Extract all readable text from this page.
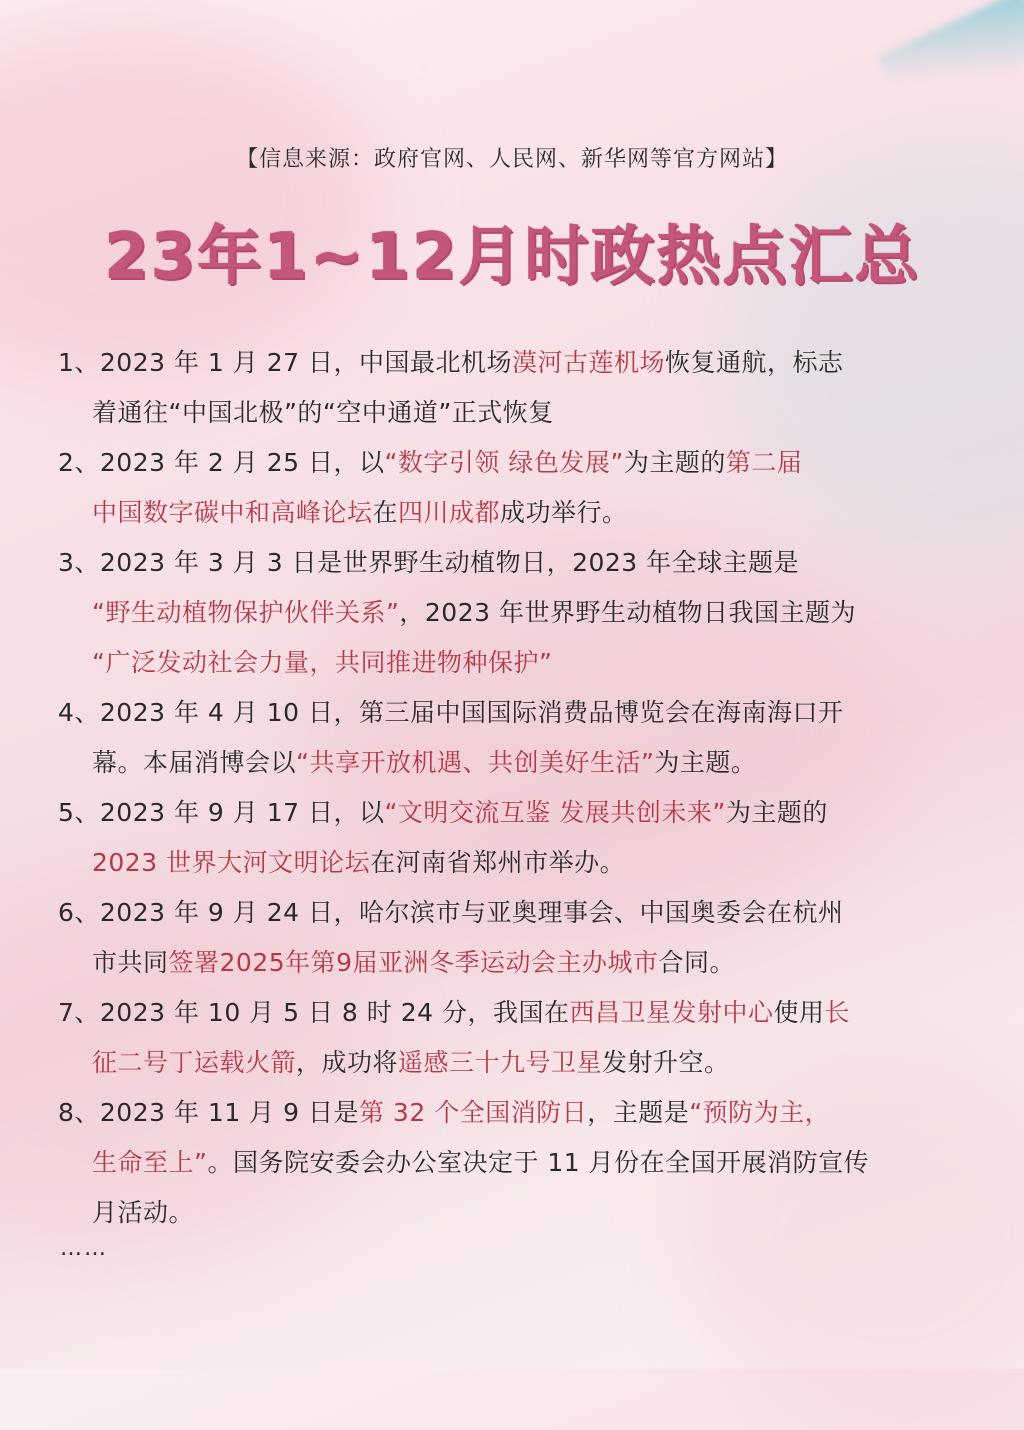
【信息来源：政府官网、人民网、新华网等官方网站】
23年1~12月时政热点汇总
1、2023 年 1 月 27 日，中国最北机场漠河古莲机场恢复通航，标志
着通往“中国北极”的“空中通道”正式恢复
2、2023 年 2 月 25 日，以“数字引领 绿色发展”为主题的第二届
中国数字碳中和高峰论坛在四川成都成功举行。
3、2023 年 3 月 3 日是世界野生动植物日，2023 年全球主题是
“野生动植物保护伙伴关系”，2023 年世界野生动植物日我国主题为
“广泛发动社会力量，共同推进物种保护”
4、2023 年 4 月 10 日，第三届中国国际消费品博览会在海南海口开
幕。本届消博会以“共享开放机遇、共创美好生活”为主题。
5、2023 年 9 月 17 日，以“文明交流互鉴 发展共创未来”为主题的
2023 世界大河文明论坛在河南省郑州市举办。
6、2023 年 9 月 24 日，哈尔滨市与亚奥理事会、中国奥委会在杭州
市共同签署2025年第9届亚洲冬季运动会主办城市合同。
7、2023 年 10 月 5 日 8 时 24 分，我国在西昌卫星发射中心使用长
征二号丁运载火箭，成功将遥感三十九号卫星发射升空。
8、2023 年 11 月 9 日是第 32 个全国消防日，主题是“预防为主，
生命至上”。国务院安委会办公室决定于 11 月份在全国开展消防宣传
月活动。
……
